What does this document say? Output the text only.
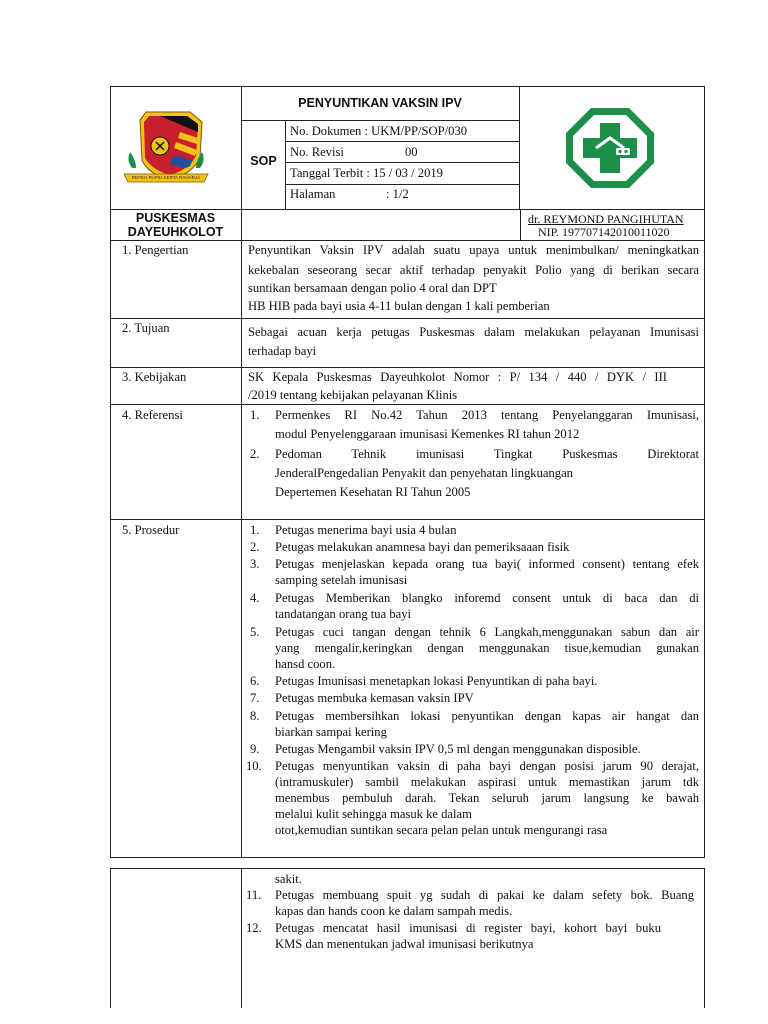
REPEH RAPIH KERTA RAHARJA
PENYUNTIKAN VAKSIN IPV
SOP
No. Dokumen : UKM/PP/SOP/030
No. Revisi	00
Tanggal Terbit : 15 / 03 / 2019
Halaman	: 1/2
PUSKESMAS
DAYEUHKOLOT
dr. REYMOND PANGIHUTAN
NIP. 197707142010011020
1. Pengertian	Penyuntikan Vaksin IPV adalah suatu upaya untuk menimbulkan/ meningkatkan
kekebalan seseorang secar aktif terhadap penyakit Polio yang di berikan secara
suntikan bersamaan dengan polio 4 oral dan DPT
HB HIB pada bayi usia 4-11 bulan dengan 1 kali pemberian
2. Tujuan	Sebagai acuan kerja petugas Puskesmas dalam melakukan pelayanan Imunisasi
terhadap bayi
3. Kebijakan	SK Kepala Puskesmas Dayeuhkolot Nomor : P/ 134 / 440 / DYK / III
/2019 tentang kebijakan pelayanan Klinis
4. Referensi	1. Permenkes RI No.42 Tahun 2013 tentang Penyelanggaran Imunisasi,
modul Penyelenggaraan imunisasi Kemenkes RI tahun 2012
2. Pedoman Tehnik imunisasi Tingkat Puskesmas Direktorat
JenderalPengedalian Penyakit dan penyehatan lingkuangan
Depertemen Kesehatan RI Tahun 2005
5. Prosedur	1. Petugas menerima bayi usia 4 bulan
2. Petugas melakukan anamnesa bayi dan pemeriksaaan fisik
3. Petugas menjelaskan kepada orang tua bayi( informed consent) tentang efek
samping setelah imunisasi
4. Petugas Memberikan blangko inforemd consent untuk di baca dan di
tandatangan orang tua bayi
5. Petugas cuci tangan dengan tehnik 6 Langkah,menggunakan sabun dan air
yang mengalir,keringkan dengan menggunakan tisue,kemudian gunakan
hansd coon.
6. Petugas Imunisasi menetapkan lokasi Penyuntikan di paha bayi.
7. Petugas membuka kemasan vaksin IPV
8. Petugas membersihkan lokasi penyuntikan dengan kapas air hangat dan
biarkan sampai kering
9. Petugas Mengambil vaksin IPV 0,5 ml dengan menggunakan disposible.
10. Petugas menyuntikan vaksin di paha bayi dengan posisi jarum 90 derajat,
(intramuskuler) sambil melakukan aspirasi untuk memastikan jarum tdk
menembus pembuluh darah. Tekan seluruh jarum langsung ke bawah
melalui kulit sehingga masuk ke dalam
otot,kemudian suntikan secara pelan pelan untuk mengurangi rasa
sakit.
11. Petugas membuang spuit yg sudah di pakai ke dalam sefety bok. Buang
kapas dan hands coon ke dalam sampah medis.
12. Petugas mencatat hasil imunisasi di register bayi, kohort bayi buku
KMS dan menentukan jadwal imunisasi berikutnya
